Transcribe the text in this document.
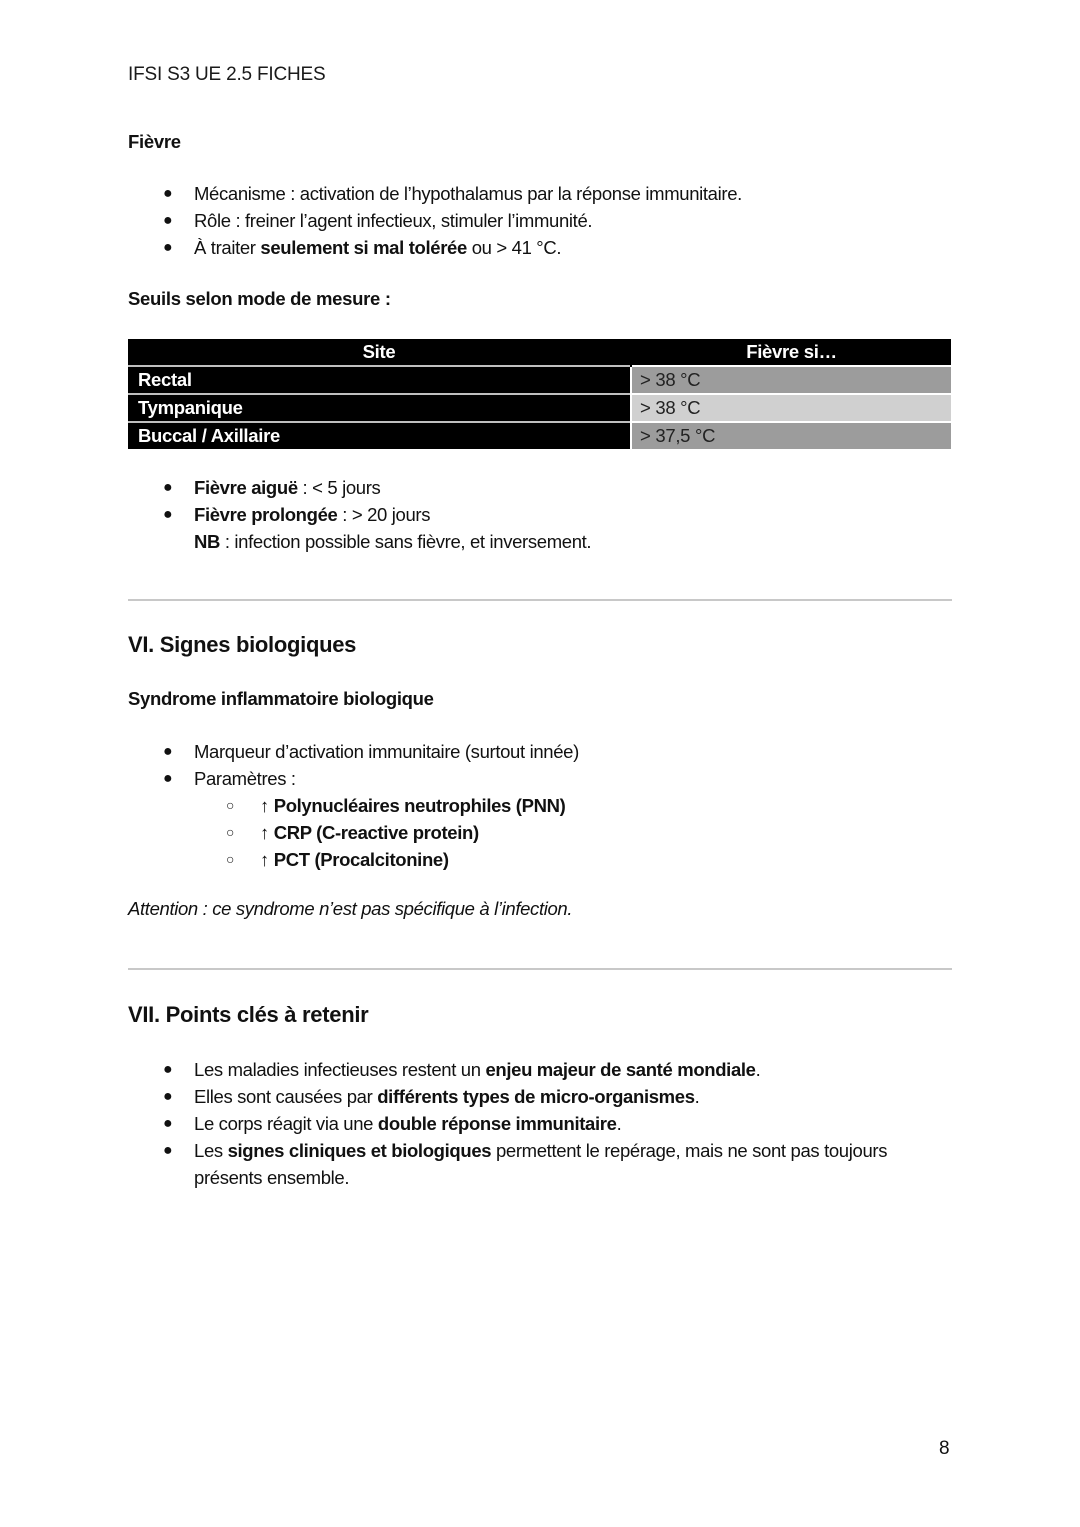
IFSI S3 UE 2.5 FICHES
Fièvre
● Mécanisme : activation de l’hypothalamus par la réponse immunitaire.
● Rôle : freiner l’agent infectieux, stimuler l’immunité.
● À traiter seulement si mal tolérée ou > 41 °C.
Seuils selon mode de mesure :
Site	Fièvre si…
Rectal	> 38 °C
Tympanique	> 38 °C
Buccal / Axillaire	> 37,5 °C
● Fièvre aiguë : < 5 jours
● Fièvre prolongée : > 20 jours
NB : infection possible sans fièvre, et inversement.
VI. Signes biologiques
Syndrome inflammatoire biologique
● Marqueur d’activation immunitaire (surtout innée)
● Paramètres :
○ ↑ Polynucléaires neutrophiles (PNN)
○ ↑ CRP (C-reactive protein)
○ ↑ PCT (Procalcitonine)
Attention : ce syndrome n’est pas spécifique à l’infection.
VII. Points clés à retenir
● Les maladies infectieuses restent un enjeu majeur de santé mondiale.
● Elles sont causées par différents types de micro-organismes.
● Le corps réagit via une double réponse immunitaire.
● Les signes cliniques et biologiques permettent le repérage, mais ne sont pas toujours présents ensemble.
8
